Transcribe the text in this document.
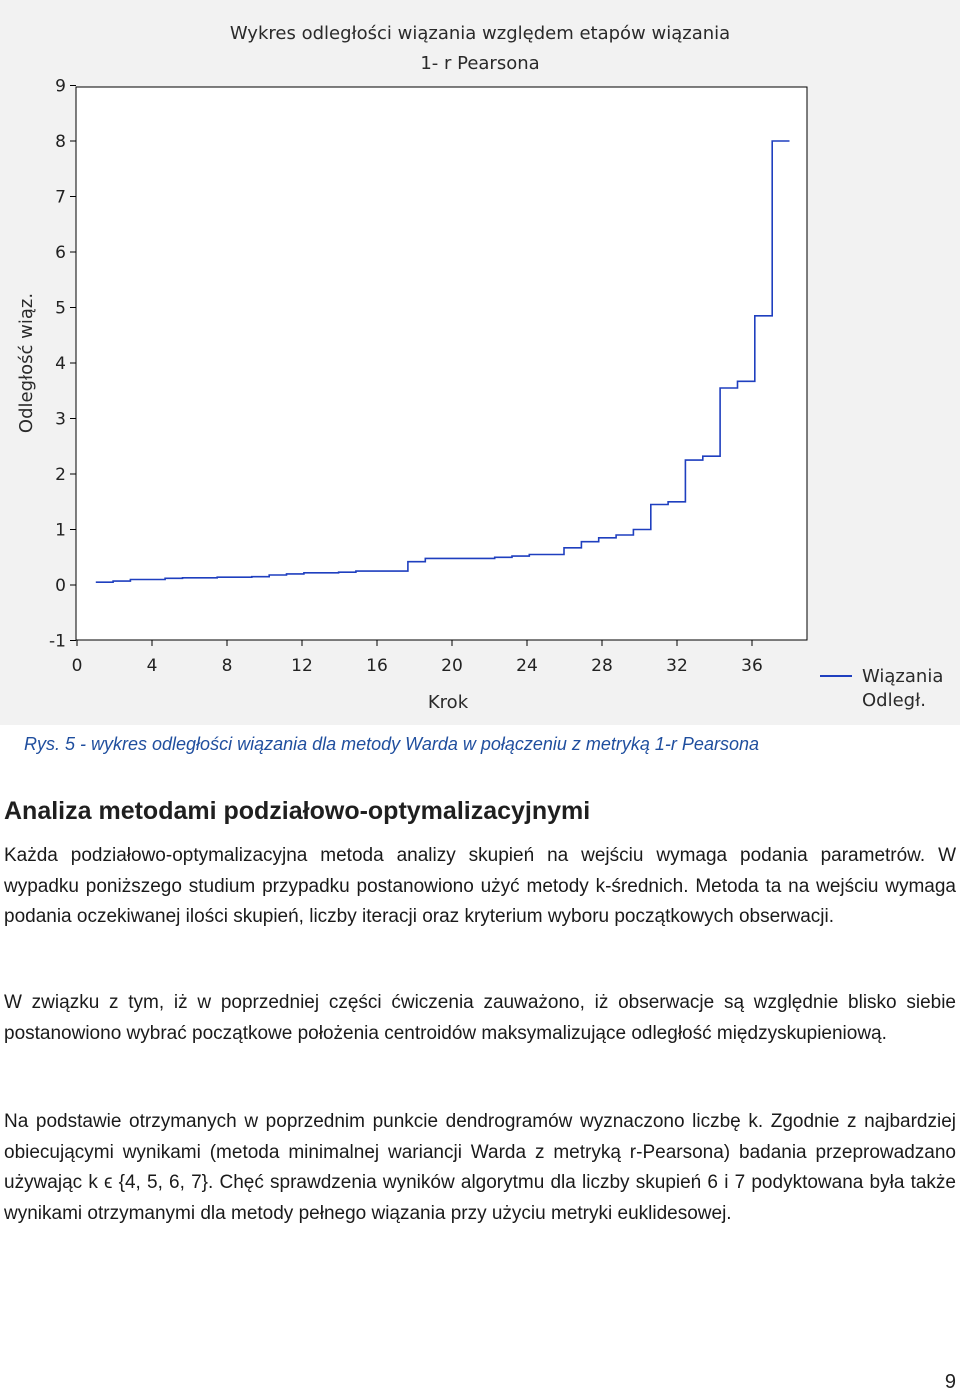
Wykres odległości wiązania względem etapów wiązania
1- r Pearsona
-1
0
1
2
3
4
5
6
7
8
9
0	4	8	12	16	20	24	28	32	36
Krok
Odległość wiąz.
Wiązania
Odległ.
Rys. 5 - wykres odległości wiązania dla metody Warda w połączeniu z metryką 1-r Pearsona
Analiza metodami podziałowo-optymalizacyjnymi

Każda podziałowo-optymalizacyjna metoda analizy skupień na wejściu wymaga podania parametrów. W wypadku poniższego studium przypadku postanowiono użyć metody k-średnich. Metoda ta na wejściu wymaga podania oczekiwanej ilości skupień, liczby iteracji oraz kryterium wyboru początkowych obserwacji.

W związku z tym, iż w poprzedniej części ćwiczenia zauważono, iż obserwacje są względnie blisko siebie postanowiono wybrać początkowe położenia centroidów maksymalizujące odległość międzyskupieniową.

Na podstawie otrzymanych w poprzednim punkcie dendrogramów wyznaczono liczbę k. Zgodnie z najbardziej obiecującymi wynikami (metoda minimalnej wariancji Warda z metryką r-Pearsona) badania przeprowadzano używając k ϵ {4, 5, 6, 7}. Chęć sprawdzenia wyników algorytmu dla liczby skupień 6 i 7 podyktowana była także wynikami otrzymanymi dla metody pełnego wiązania przy użyciu metryki euklidesowej.

9
